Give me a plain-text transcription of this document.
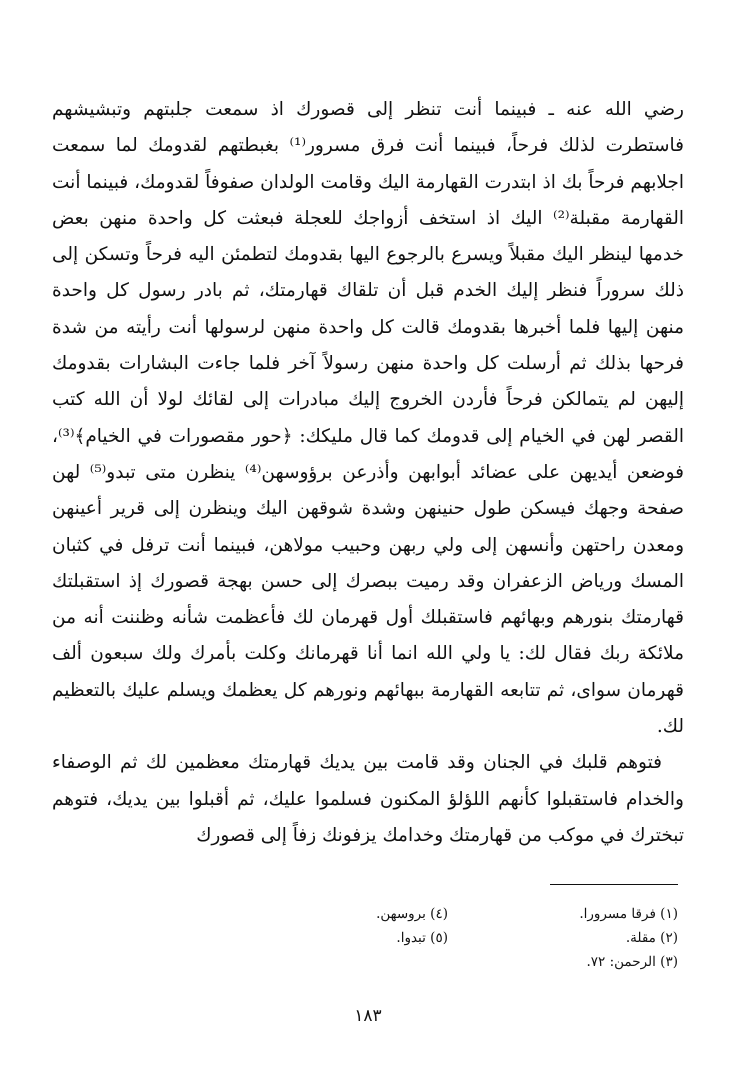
رضي الله عنه ـ فبينما أنت تنظر إلى قصورك اذ سمعت جلبتهم وتبشيشهم فاستطرت لذلك فرحاً، فبينما أنت فرق مسرور⁽¹⁾ بغبطتهم لقدومك لما سمعت اجلابهم فرحاً بك اذ ابتدرت القهارمة اليك وقامت الولدان صفوفاً لقدومك، فبينما أنت القهارمة مقبلة⁽²⁾ اليك اذ استخف أزواجك للعجلة فبعثت كل واحدة منهن بعض خدمها لينظر اليك مقبلاً ويسرع بالرجوع اليها بقدومك لتطمئن اليه فرحاً وتسكن إلى ذلك سروراً فنظر إليك الخدم قبل أن تلقاك قهارمتك، ثم بادر رسول كل واحدة منهن إليها فلما أخبرها بقدومك قالت كل واحدة منهن لرسولها أنت رأيته من شدة فرحها بذلك ثم أرسلت كل واحدة منهن رسولاً آخر فلما جاءت البشارات بقدومك إليهن لم يتمالكن فرحاً فأردن الخروج إليك مبادرات إلى لقائك لولا أن الله كتب القصر لهن في الخيام إلى قدومك كما قال مليكك: ﴿حور مقصورات في الخيام﴾⁽³⁾، فوضعن أيديهن على عضائد أبوابهن وأذرعن برؤوسهن⁽⁴⁾ ينظرن متى تبدو⁽⁵⁾ لهن صفحة وجهك فيسكن طول حنينهن وشدة شوقهن اليك وينظرن إلى قرير أعينهن ومعدن راحتهن وأنسهن إلى ولي ربهن وحبيب مولاهن، فبينما أنت ترفل في كثبان المسك ورياض الزعفران وقد رميت ببصرك إلى حسن بهجة قصورك إذ استقبلتك قهارمتك بنورهم وبهائهم فاستقبلك أول قهرمان لك فأعظمت شأنه وظننت أنه من ملائكة ربك فقال لك: يا ولي الله انما أنا قهرمانك وكلت بأمرك ولك سبعون ألف قهرمان سواى، ثم تتابعه القهارمة ببهائهم ونورهم كل يعظمك ويسلم عليك بالتعظيم لك.

فتوهم قلبك في الجنان وقد قامت بين يديك قهارمتك معظمين لك ثم الوصفاء والخدام فاستقبلوا كأنهم اللؤلؤ المكنون فسلموا عليك، ثم أقبلوا بين يديك، فتوهم تبخترك في موكب من قهارمتك وخدامك يزفونك زفاً إلى قصورك

(١) فرقا مسرورا.
(٤) بروسهن.
(٢) مقلة.
(٥) تبدوا.
(٣) الرحمن: ٧٢.
١٨٣
